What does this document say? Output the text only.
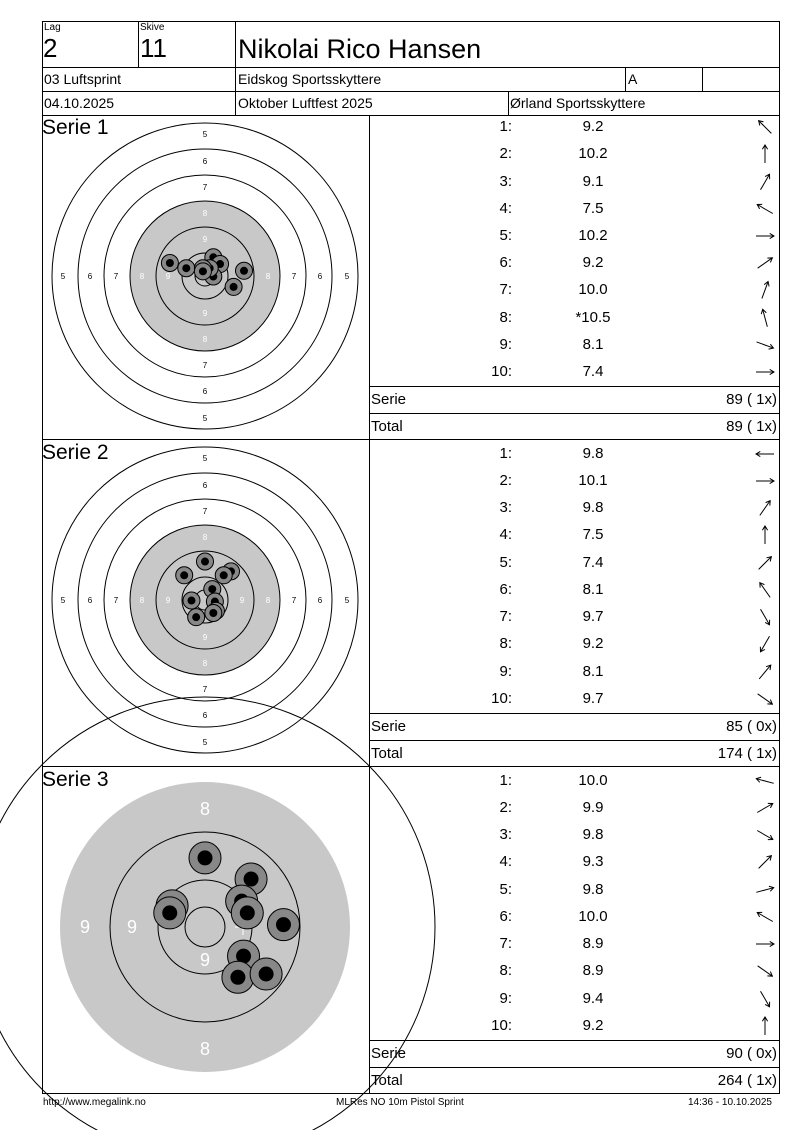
Lag
2
Skive
11	Nikolai Rico Hansen
03 Luftsprint	Eidskog Sportsskyttere	A
04.10.2025	Oktober Luftfest 2025	Ørland Sportsskyttere
Serie 1
5	6	7	8	9	8	7	6	5
5
6
7
8
9
9
8
7
6
5
1:	9.2
2:	10.2
3:	9.1
4:	7.5
5:	10.2
6:	9.2
7:	10.0
8:	*10.5
9:	8.1
10:	7.4
Serie	89 ( 1x)
Total	89 ( 1x)
Serie 2
5	6	7	8	9	9	8	7	6	5
5
6
7
8
9
8
7
6
5
1:	9.8
2:	10.1
3:	9.8
4:	7.5
5:	7.4
6:	8.1
7:	9.7
8:	9.2
9:	8.1
10:	9.7
Serie	85 ( 0x)
Total	174 ( 1x)
8
9
9
9
8
Serie 3	1:	10.0
2:	9.9
3:	9.8
4:	9.3
5:	9.8
6:	10.0
7:	8.9
8:	8.9
9:	9.4
10:	9.2
Serie	90 ( 0x)
Total	264 ( 1x)
http://www.megalink.no	MLRes NO 10m Pistol Sprint	14:36 - 10.10.2025
